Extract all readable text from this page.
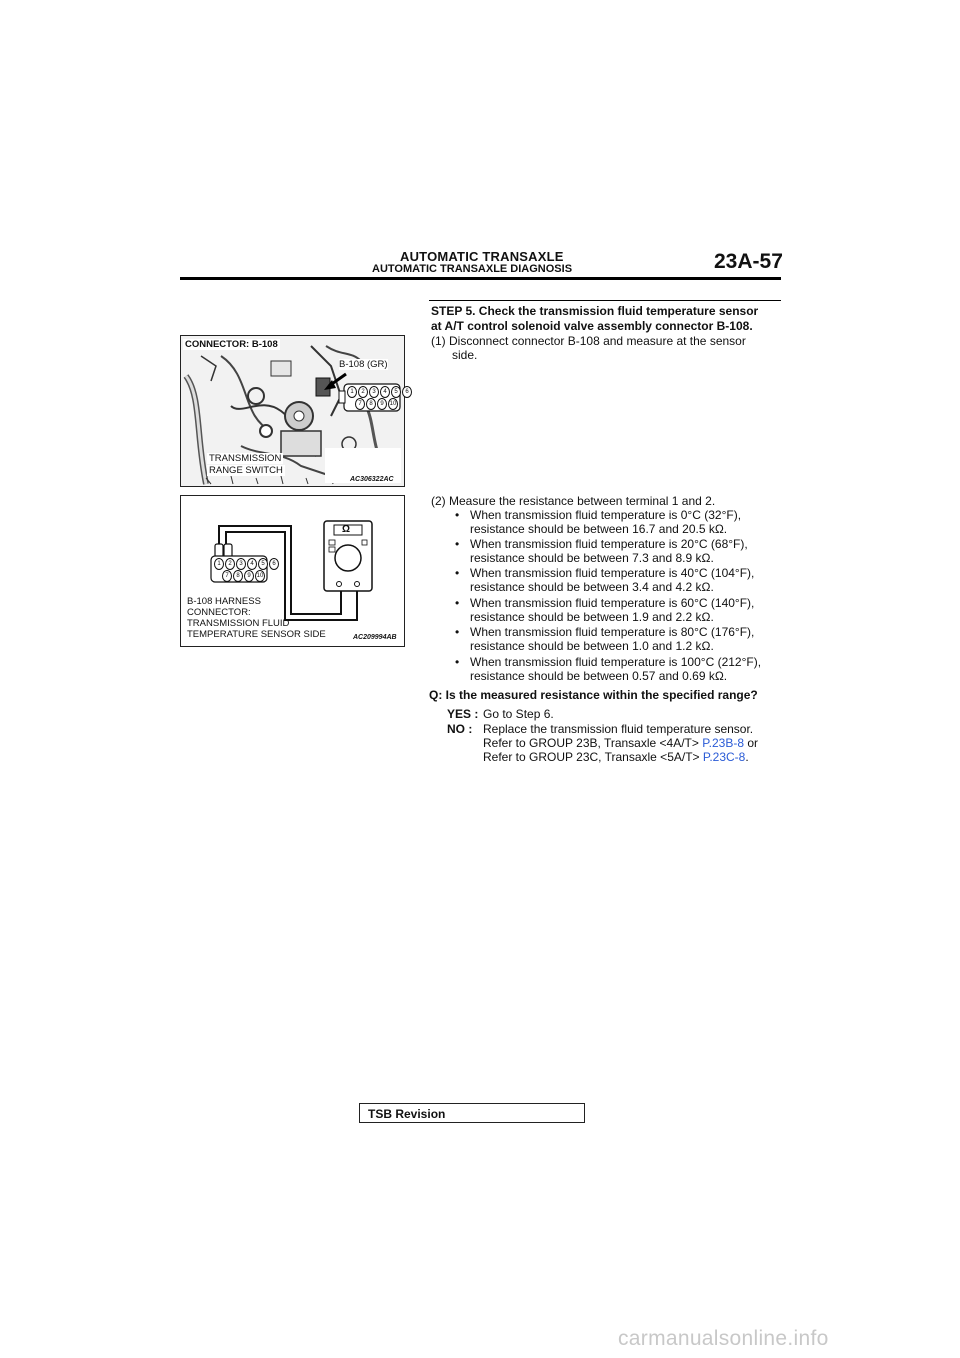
AUTOMATIC TRANSAXLE
AUTOMATIC TRANSAXLE DIAGNOSIS	23A-57
CONNECTOR: B-108
B-108 (GR)
1	2	3	4	5	6
7	8	9 10
TRANSMISSION
RANGE SWITCH
AC306322AC
Ω
1	2	3	4	5	6
7	8	9 10
B-108 HARNESS
CONNECTOR:
TRANSMISSION FLUID
TEMPERATURE SENSOR SIDE	AC209994AB
STEP 5. Check the transmission fluid temperature sensor
at A/T control solenoid valve assembly connector B-108.
(1) Disconnect connector B-108 and measure at the sensor
side.
(2) Measure the resistance between terminal 1 and 2.
• When transmission fluid temperature is 0°C (32°F),
resistance should be between 16.7 and 20.5 kΩ.
• When transmission fluid temperature is 20°C (68°F),
resistance should be between 7.3 and 8.9 kΩ.
• When transmission fluid temperature is 40°C (104°F),
resistance should be between 3.4 and 4.2 kΩ.
• When transmission fluid temperature is 60°C (140°F),
resistance should be between 1.9 and 2.2 kΩ.
• When transmission fluid temperature is 80°C (176°F),
resistance should be between 1.0 and 1.2 kΩ.
• When transmission fluid temperature is 100°C (212°F),
resistance should be between 0.57 and 0.69 kΩ.
Q: Is the measured resistance within the specified range?
YES : Go to Step 6.
NO : Replace the transmission fluid temperature sensor.
Refer to GROUP 23B, Transaxle <4A/T> P.23B-8 or
Refer to GROUP 23C, Transaxle <5A/T> P.23C-8.
TSB Revision
carmanualsonline.info
